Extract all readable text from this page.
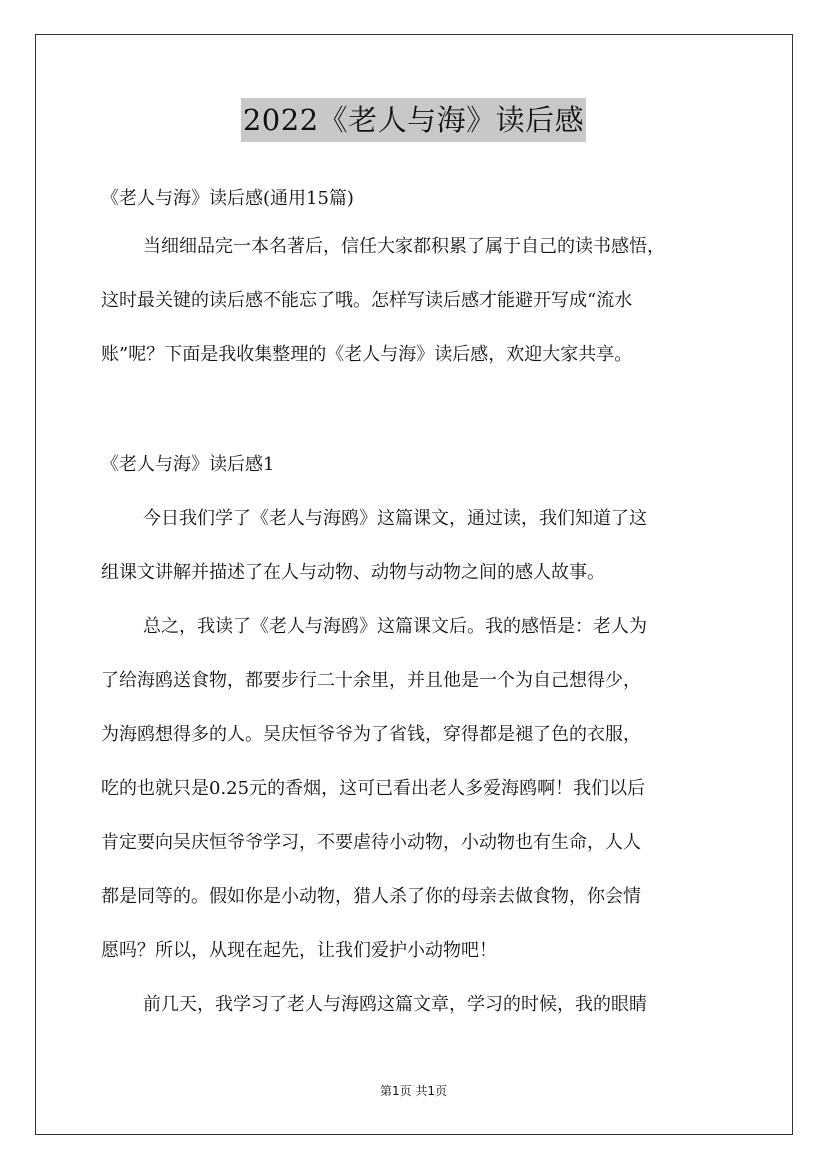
2022《老人与海》读后感

《老人与海》读后感(通用15篇)

当细细品完一本名著后，信任大家都积累了属于自己的读书感悟，
这时最关键的读后感不能忘了哦。怎样写读后感才能避开写成“流水
账”呢？下面是我收集整理的《老人与海》读后感，欢迎大家共享。

《老人与海》读后感1

今日我们学了《老人与海鸥》这篇课文，通过读，我们知道了这
组课文讲解并描述了在人与动物、动物与动物之间的感人故事。

总之，我读了《老人与海鸥》这篇课文后。我的感悟是：老人为
了给海鸥送食物，都要步行二十余里，并且他是一个为自己想得少，
为海鸥想得多的人。吴庆恒爷爷为了省钱，穿得都是褪了色的衣服，
吃的也就只是0.25元的香烟，这可已看出老人多爱海鸥啊！我们以后
肯定要向吴庆恒爷爷学习，不要虐待小动物，小动物也有生命，人人
都是同等的。假如你是小动物，猎人杀了你的母亲去做食物，你会情
愿吗？所以，从现在起先，让我们爱护小动物吧！

前几天，我学习了老人与海鸥这篇文章，学习的时候，我的眼睛

第1页 共1页
